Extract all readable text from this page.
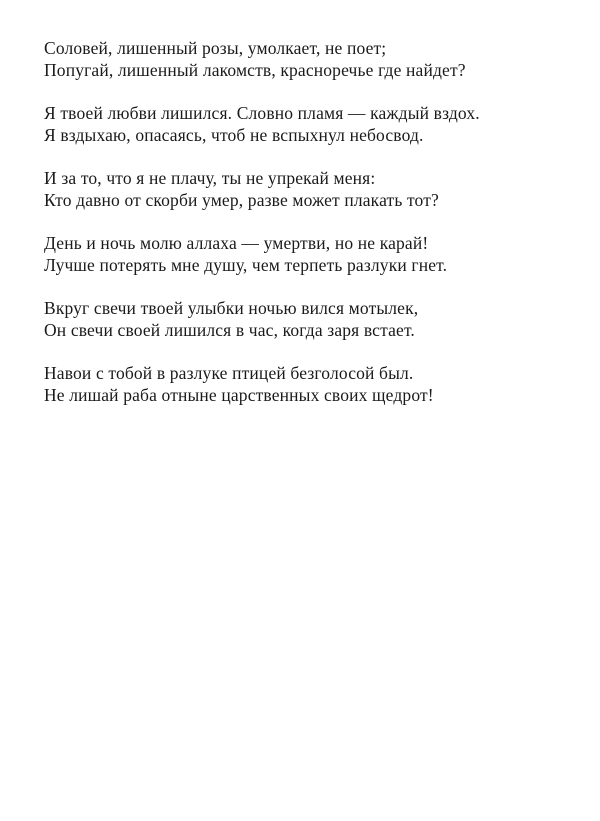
Соловей, лишенный розы, умолкает, не поет;
Попугай, лишенный лакомств, красноречье где найдет?
Я твоей любви лишился. Словно пламя — каждый вздох.
Я вздыхаю, опасаясь, чтоб не вспыхнул небосвод.
И за то, что я не плачу, ты не упрекай меня:
Кто давно от скорби умер, разве может плакать тот?
День и ночь молю аллаха — умертви, но не карай!
Лучше потерять мне душу, чем терпеть разлуки гнет.
Вкруг свечи твоей улыбки ночью вился мотылек,
Он свечи своей лишился в час, когда заря встает.
Навои с тобой в разлуке птицей безголосой был.
Не лишай раба отныне царственных своих щедрот!
